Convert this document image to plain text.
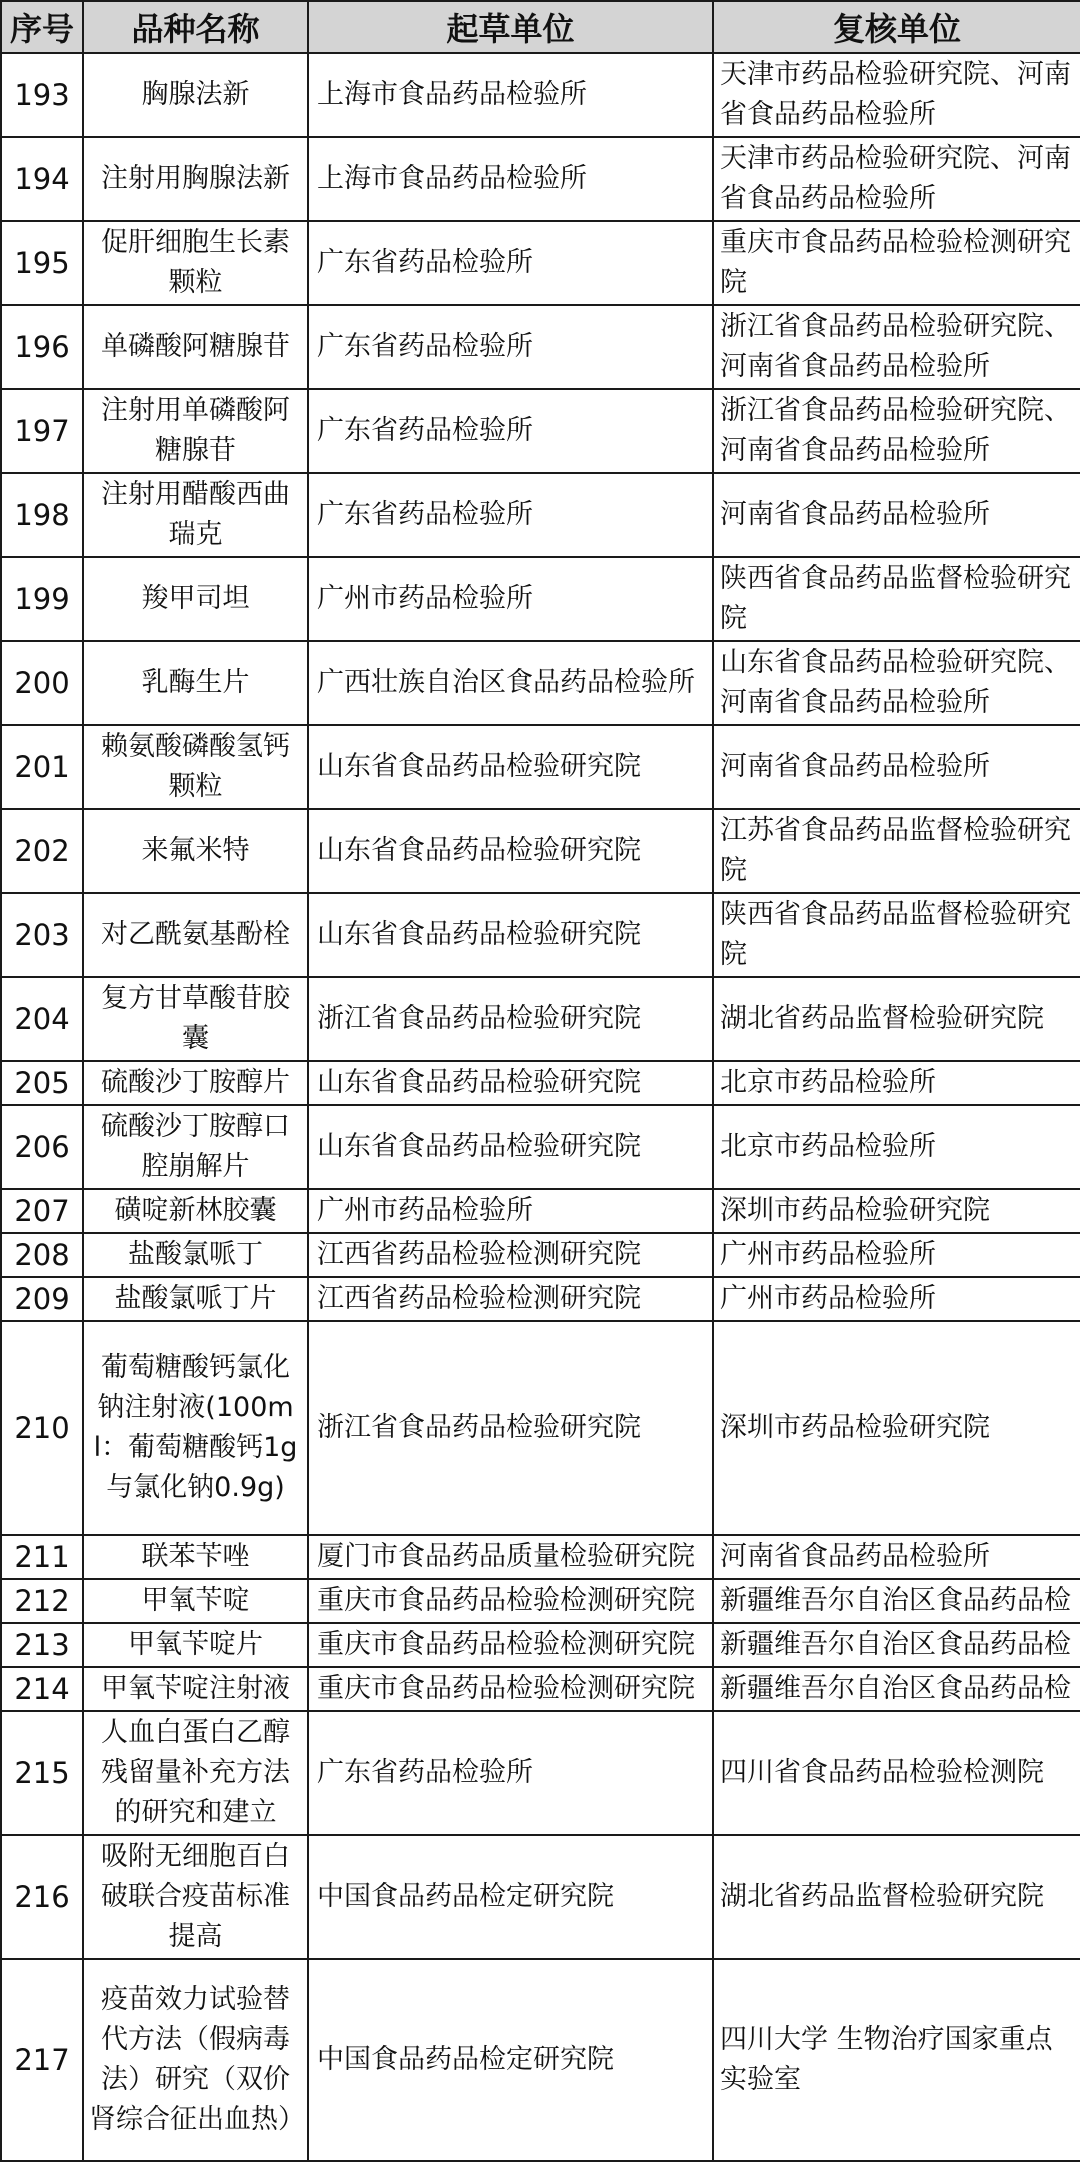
序号	品种名称	起草单位	复核单位
193	胸腺法新	上海市食品药品检验所	天津市药品检验研究院、河南省食品药品检验所
194	注射用胸腺法新	上海市食品药品检验所	天津市药品检验研究院、河南省食品药品检验所
195	促肝细胞生长素颗粒	广东省药品检验所	重庆市食品药品检验检测研究院
196	单磷酸阿糖腺苷	广东省药品检验所	浙江省食品药品检验研究院、河南省食品药品检验所
197	注射用单磷酸阿糖腺苷	广东省药品检验所	浙江省食品药品检验研究院、河南省食品药品检验所
198	注射用醋酸西曲瑞克	广东省药品检验所	河南省食品药品检验所
199	羧甲司坦	广州市药品检验所	陕西省食品药品监督检验研究院
200	乳酶生片	广西壮族自治区食品药品检验所	山东省食品药品检验研究院、河南省食品药品检验所
201	赖氨酸磷酸氢钙颗粒	山东省食品药品检验研究院	河南省食品药品检验所
202	来氟米特	山东省食品药品检验研究院	江苏省食品药品监督检验研究院
203	对乙酰氨基酚栓	山东省食品药品检验研究院	陕西省食品药品监督检验研究院
204	复方甘草酸苷胶囊	浙江省食品药品检验研究院	湖北省药品监督检验研究院
205	硫酸沙丁胺醇片	山东省食品药品检验研究院	北京市药品检验所
206	硫酸沙丁胺醇口腔崩解片	山东省食品药品检验研究院	北京市药品检验所
207	磺啶新林胶囊	广州市药品检验所	深圳市药品检验研究院
208	盐酸氯哌丁	江西省药品检验检测研究院	广州市药品检验所
209	盐酸氯哌丁片	江西省药品检验检测研究院	广州市药品检验所
210	葡萄糖酸钙氯化钠注射液(100ml：葡萄糖酸钙1g与氯化钠0.9g)	浙江省食品药品检验研究院	深圳市药品检验研究院
211	联苯苄唑	厦门市食品药品质量检验研究院	河南省食品药品检验所
212	甲氧苄啶	重庆市食品药品检验检测研究院	新疆维吾尔自治区食品药品检
213	甲氧苄啶片	重庆市食品药品检验检测研究院	新疆维吾尔自治区食品药品检
214	甲氧苄啶注射液	重庆市食品药品检验检测研究院	新疆维吾尔自治区食品药品检
215	人血白蛋白乙醇残留量补充方法的研究和建立	广东省药品检验所	四川省食品药品检验检测院
216	吸附无细胞百白破联合疫苗标准提高	中国食品药品检定研究院	湖北省药品监督检验研究院
217	疫苗效力试验替代方法（假病毒法）研究（双价肾综合征出血热）	中国食品药品检定研究院	四川大学 生物治疗国家重点实验室
